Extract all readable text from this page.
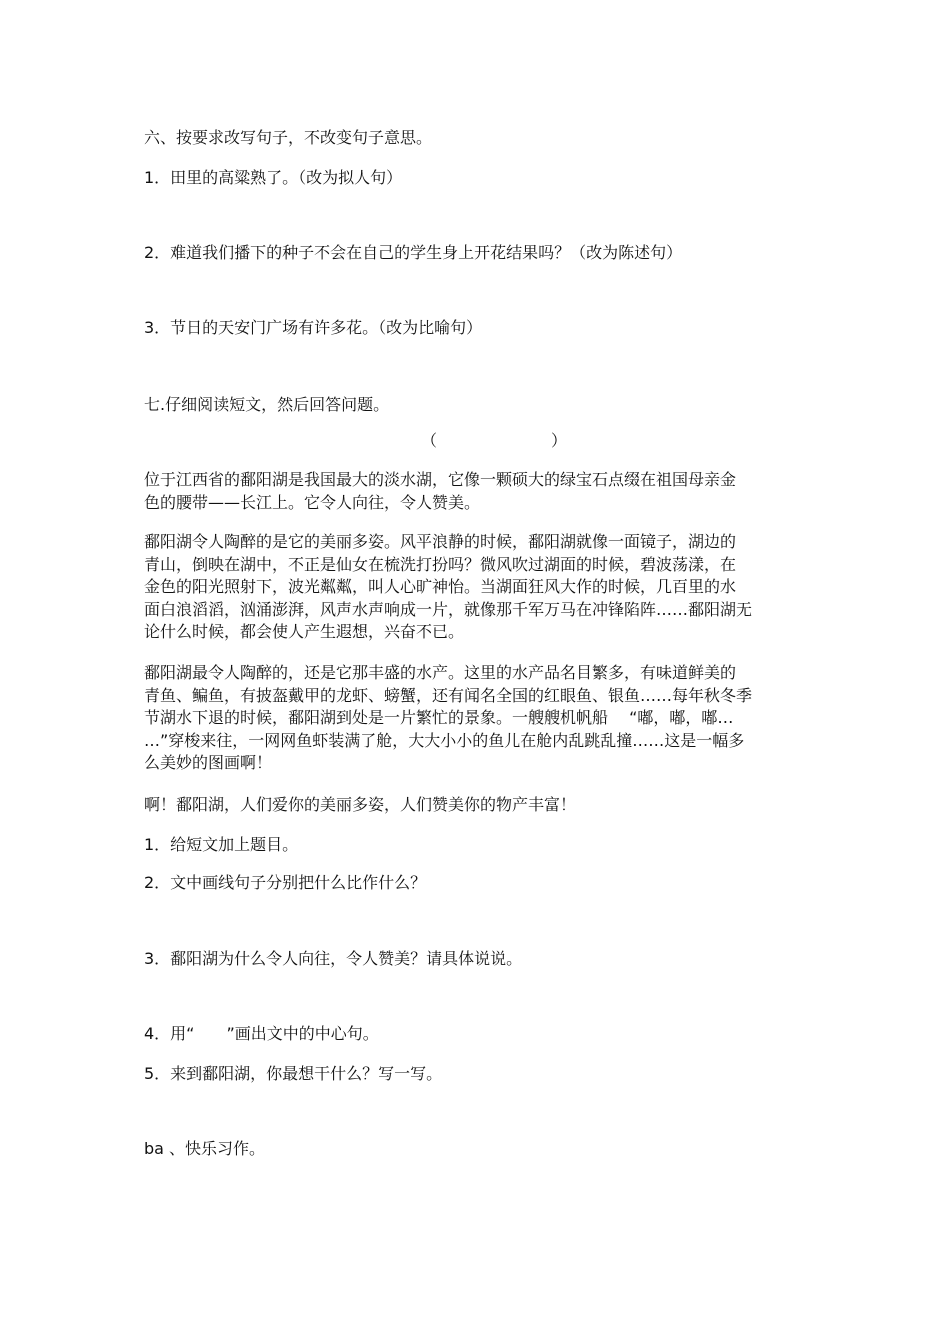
六、按要求改写句子，不改变句子意思。
1．田里的高粱熟了。（改为拟人句）
2．难道我们播下的种子不会在自己的学生身上开花结果吗？（改为陈述句）
3．节日的天安门广场有许多花。（改为比喻句）
七.仔细阅读短文，然后回答问题。
（	）
位于江西省的鄱阳湖是我国最大的淡水湖，它像一颗硕大的绿宝石点缀在祖国母亲金
色的腰带——长江上。它令人向往，令人赞美。
鄱阳湖令人陶醉的是它的美丽多姿。风平浪静的时候，鄱阳湖就像一面镜子，湖边的
青山，倒映在湖中，不正是仙女在梳洗打扮吗？微风吹过湖面的时候，碧波荡漾，在
金色的阳光照射下，波光粼粼，叫人心旷神怡。当湖面狂风大作的时候，几百里的水
面白浪滔滔，汹涌澎湃，风声水声响成一片，就像那千军万马在冲锋陷阵……鄱阳湖无
论什么时候，都会使人产生遐想，兴奋不已。
鄱阳湖最令人陶醉的，还是它那丰盛的水产。这里的水产品名目繁多，有味道鲜美的
青鱼、鳊鱼，有披盔戴甲的龙虾、螃蟹，还有闻名全国的红眼鱼、银鱼……每年秋冬季
节湖水下退的时候，鄱阳湖到处是一片繁忙的景象。一艘艘机帆船　 “嘟，嘟，嘟…
…”穿梭来往，一网网鱼虾装满了舱，大大小小的鱼儿在舱内乱跳乱撞……这是一幅多
么美妙的图画啊！
啊！鄱阳湖，人们爱你的美丽多姿，人们赞美你的物产丰富！
1．给短文加上题目。
2．文中画线句子分别把什么比作什么？
3．鄱阳湖为什么令人向往，令人赞美？请具体说说。
4．用“　　”画出文中的中心句。
5．来到鄱阳湖，你最想干什么？写一写。
ba 、快乐习作。
